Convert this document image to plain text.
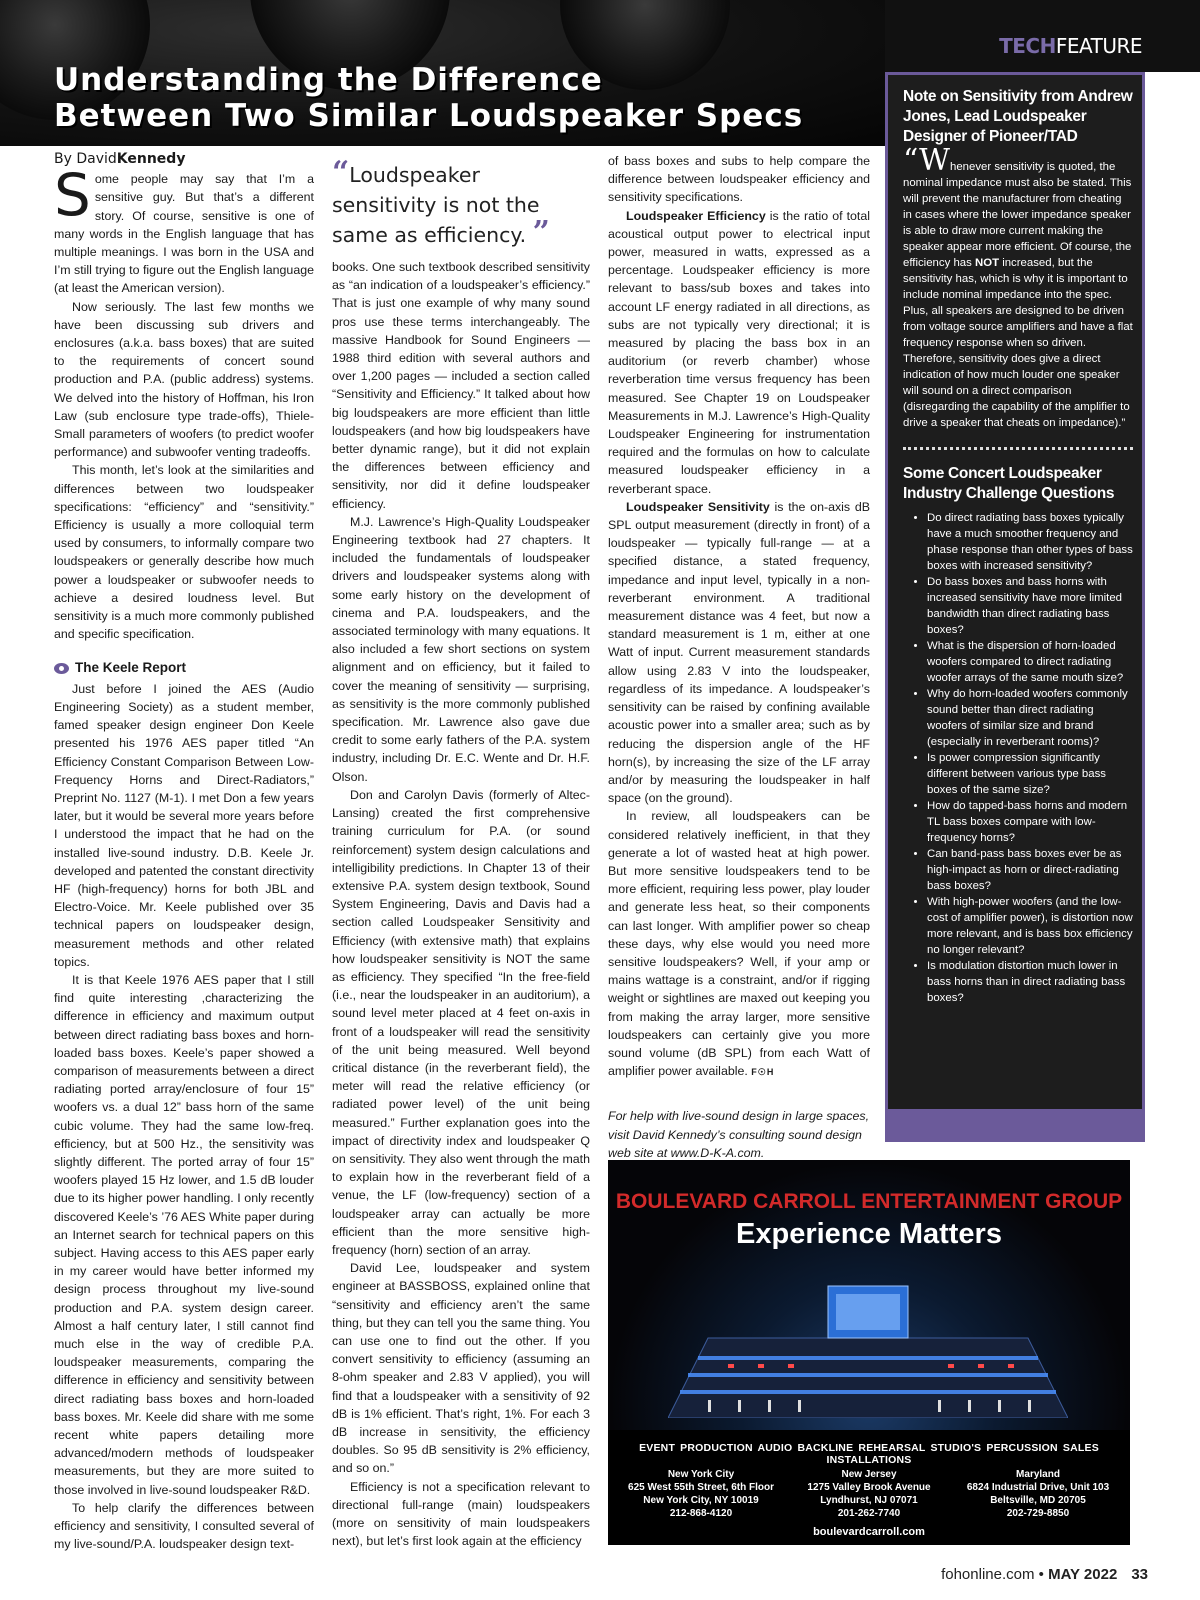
Understanding the Difference
Between Two Similar Loudspeaker Specs
TECHFEATURE
By DavidKennedy

Some people may say that I’m a sensitive guy. But that’s a different story. Of course, sensitive is one of many words in the English language that has multiple meanings. I was born in the USA and I’m still trying to figure out the English language (at least the American version).

Now seriously. The last few months we have been discussing sub drivers and enclosures (a.k.a. bass boxes) that are suited to the requirements of concert sound production and P.A. (public address) systems. We delved into the history of Hoffman, his Iron Law (sub enclosure type trade-offs), Thiele-Small parameters of woofers (to predict woofer performance) and subwoofer venting tradeoffs.

This month, let’s look at the similarities and differences between two loudspeaker specifications: “efficiency” and “sensitivity.” Efficiency is usually a more colloquial term used by consumers, to informally compare two loudspeakers or generally describe how much power a loudspeaker or subwoofer needs to achieve a desired loudness level. But sensitivity is a much more commonly published and specific specification.

The Keele Report

Just before I joined the AES (Audio Engineering Society) as a student member, famed speaker design engineer Don Keele presented his 1976 AES paper titled “An Efficiency Constant Comparison Between Low-Frequency Horns and Direct-Radiators,” Preprint No. 1127 (M-1). I met Don a few years later, but it would be several more years before I understood the impact that he had on the installed live-sound industry. D.B. Keele Jr. developed and patented the constant directivity HF (high-frequency) horns for both JBL and Electro-Voice. Mr. Keele published over 35 technical papers on loudspeaker design, measurement methods and other related topics.

It is that Keele 1976 AES paper that I still find quite interesting ,characterizing the difference in efficiency and maximum output between direct radiating bass boxes and horn-loaded bass boxes. Keele’s paper showed a comparison of measurements between a direct radiating ported array/enclosure of four 15” woofers vs. a dual 12” bass horn of the same cubic volume. They had the same low-freq. efficiency, but at 500 Hz., the sensitivity was slightly different. The ported array of four 15” woofers played 15 Hz lower, and 1.5 dB louder due to its higher power handling. I only recently discovered Keele’s ’76 AES White paper during an Internet search for technical papers on this subject. Having access to this AES paper early in my career would have better informed my design process throughout my live-sound production and P.A. system design career. Almost a half century later, I still cannot find much else in the way of credible P.A. loudspeaker measurements, comparing the difference in efficiency and sensitivity between direct radiating bass boxes and horn-loaded bass boxes. Mr. Keele did share with me some recent white papers detailing more advanced/modern methods of loudspeaker measurements, but they are more suited to those involved in live-sound loudspeaker R&D.

To help clarify the differences between efficiency and sensitivity, I consulted several of my live-sound/P.A. loudspeaker design text-

“Loudspeaker sensitivity is not the same as efficiency. ”

books. One such textbook described sensitivity as “an indication of a loudspeaker’s efficiency.” That is just one example of why many sound pros use these terms interchangeably. The massive Handbook for Sound Engineers — 1988 third edition with several authors and over 1,200 pages — included a section called “Sensitivity and Efficiency.” It talked about how big loudspeakers are more efficient than little loudspeakers (and how big loudspeakers have better dynamic range), but it did not explain the differences between efficiency and sensitivity, nor did it define loudspeaker efficiency.

M.J. Lawrence’s High-Quality Loudspeaker Engineering textbook had 27 chapters. It included the fundamentals of loudspeaker drivers and loudspeaker systems along with some early history on the development of cinema and P.A. loudspeakers, and the associated terminology with many equations. It also included a few short sections on system alignment and on efficiency, but it failed to cover the meaning of sensitivity — surprising, as sensitivity is the more commonly published specification. Mr. Lawrence also gave due credit to some early fathers of the P.A. system industry, including Dr. E.C. Wente and Dr. H.F. Olson.

Don and Carolyn Davis (formerly of Altec-Lansing) created the first comprehensive training curriculum for P.A. (or sound reinforcement) system design calculations and intelligibility predictions. In Chapter 13 of their extensive P.A. system design textbook, Sound System Engineering, Davis and Davis had a section called Loudspeaker Sensitivity and Efficiency (with extensive math) that explains how loudspeaker sensitivity is NOT the same as efficiency. They specified “In the free-field (i.e., near the loudspeaker in an auditorium), a sound level meter placed at 4 feet on-axis in front of a loudspeaker will read the sensitivity of the unit being measured. Well beyond critical distance (in the reverberant field), the meter will read the relative efficiency (or radiated power level) of the unit being measured.” Further explanation goes into the impact of directivity index and loudspeaker Q on sensitivity. They also went through the math to explain how in the reverberant field of a venue, the LF (low-frequency) section of a loudspeaker array can actually be more efficient than the more sensitive high-frequency (horn) section of an array.

David Lee, loudspeaker and system engineer at BASSBOSS, explained online that “sensitivity and efficiency aren’t the same thing, but they can tell you the same thing. You can use one to find out the other. If you convert sensitivity to efficiency (assuming an 8-ohm speaker and 2.83 V applied), you will find that a loudspeaker with a sensitivity of 92 dB is 1% efficient. That’s right, 1%. For each 3 dB increase in sensitivity, the efficiency doubles. So 95 dB sensitivity is 2% efficiency, and so on.”

Efficiency is not a specification relevant to directional full-range (main) loudspeakers (more on sensitivity of main loudspeakers next), but let’s first look again at the efficiency

of bass boxes and subs to help compare the difference between loudspeaker efficiency and sensitivity specifications.

Loudspeaker Efficiency is the ratio of total acoustical output power to electrical input power, measured in watts, expressed as a percentage. Loudspeaker efficiency is more relevant to bass/sub boxes and takes into account LF energy radiated in all directions, as subs are not typically very directional; it is measured by placing the bass box in an auditorium (or reverb chamber) whose reverberation time versus frequency has been measured. See Chapter 19 on Loudspeaker Measurements in M.J. Lawrence’s High-Quality Loudspeaker Engineering for instrumentation required and the formulas on how to calculate measured loudspeaker efficiency in a reverberant space.

Loudspeaker Sensitivity is the on-axis dB SPL output measurement (directly in front) of a loudspeaker — typically full-range — at a specified distance, a stated frequency, impedance and input level, typically in a non-reverberant environment. A traditional measurement distance was 4 feet, but now a standard measurement is 1 m, either at one Watt of input. Current measurement standards allow using 2.83 V into the loudspeaker, regardless of its impedance. A loudspeaker’s sensitivity can be raised by confining available acoustic power into a smaller area; such as by reducing the dispersion angle of the HF horn(s), by increasing the size of the LF array and/or by measuring the loudspeaker in half space (on the ground).

In review, all loudspeakers can be considered relatively inefficient, in that they generate a lot of wasted heat at high power. But more sensitive loudspeakers tend to be more efficient, requiring less power, play louder and generate less heat, so their components can last longer. With amplifier power so cheap these days, why else would you need more sensitive loudspeakers? Well, if your amp or mains wattage is a constraint, and/or if rigging weight or sightlines are maxed out keeping you from making the array larger, more sensitive loudspeakers can certainly give you more sound volume (dB SPL) from each Watt of amplifier power available. F☉H

For help with live-sound design in large spaces, visit David Kennedy’s consulting sound design web site at www.D-K-A.com.

Note on Sensitivity from Andrew Jones, Lead Loudspeaker Designer of Pioneer/TAD

“Whenever sensitivity is quoted, the nominal impedance must also be stated. This will prevent the manufacturer from cheating in cases where the lower impedance speaker is able to draw more current making the speaker appear more efficient. Of course, the efficiency has NOT increased, but the sensitivity has, which is why it is important to include nominal impedance into the spec. Plus, all speakers are designed to be driven from voltage source amplifiers and have a flat frequency response when so driven. Therefore, sensitivity does give a direct indication of how much louder one speaker will sound on a direct comparison (disregarding the capability of the amplifier to drive a speaker that cheats on impedance).”

Some Concert Loudspeaker Industry Challenge Questions
• Do direct radiating bass boxes typically have a much smoother frequency and phase response than other types of bass boxes with increased sensitivity?
• Do bass boxes and bass horns with increased sensitivity have more limited bandwidth than direct radiating bass boxes?
• What is the dispersion of horn-loaded woofers compared to direct radiating woofer arrays of the same mouth size?
• Why do horn-loaded woofers commonly sound better than direct radiating woofers of similar size and brand (especially in reverberant rooms)?
• Is power compression significantly different between various type bass boxes of the same size?
• How do tapped-bass horns and modern TL bass boxes compare with low-frequency horns?
• Can band-pass bass boxes ever be as high-impact as horn or direct-radiating bass boxes?
• With high-power woofers (and the low-cost of amplifier power), is distortion now more relevant, and is bass box efficiency no longer relevant?
• Is modulation distortion much lower in bass horns than in direct radiating bass boxes?
BOULEVARD CARROLL ENTERTAINMENT GROUP
Experience Matters
EVENT PRODUCTION AUDIO BACKLINE REHEARSAL STUDIO'S PERCUSSION SALES INSTALLATIONS
New York City
625 West 55th Street, 6th Floor
New York City, NY 10019
212-868-4120
New Jersey
1275 Valley Brook Avenue
Lyndhurst, NJ 07071
201-262-7740
Maryland
6824 Industrial Drive, Unit 103
Beltsville, MD 20705
202-729-8850
boulevardcarroll.com
fohonline.com • MAY 2022 33
